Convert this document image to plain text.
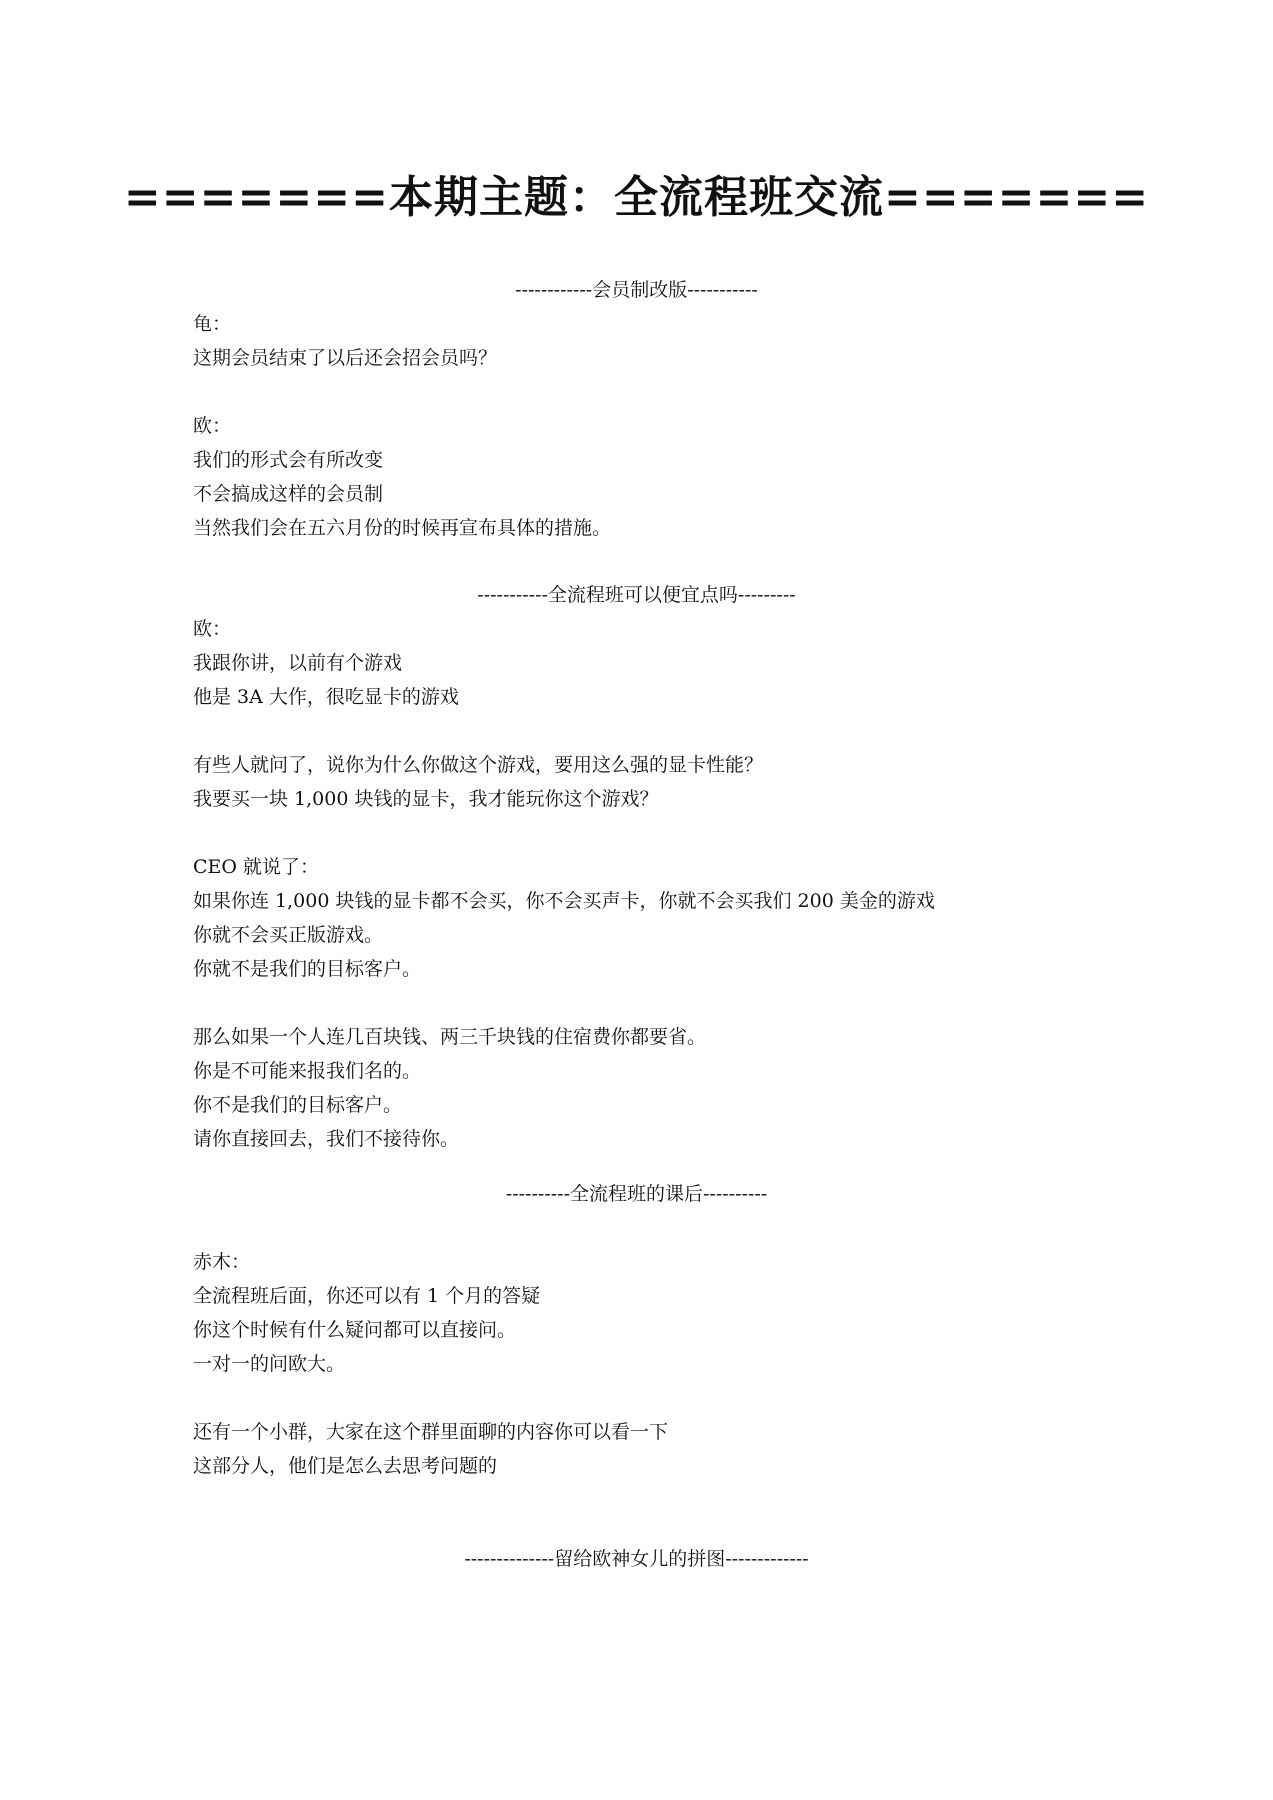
=======本期主题：全流程班交流=======
------------会员制改版-----------
龟：
这期会员结束了以后还会招会员吗？
欧：
我们的形式会有所改变
不会搞成这样的会员制
当然我们会在五六月份的时候再宣布具体的措施。
-----------全流程班可以便宜点吗---------
欧：
我跟你讲，以前有个游戏
他是 3A 大作，很吃显卡的游戏
有些人就问了，说你为什么你做这个游戏，要用这么强的显卡性能？
我要买一块 1,000 块钱的显卡，我才能玩你这个游戏？
CEO 就说了：
如果你连 1,000 块钱的显卡都不会买，你不会买声卡，你就不会买我们 200 美金的游戏
你就不会买正版游戏。
你就不是我们的目标客户。
那么如果一个人连几百块钱、两三千块钱的住宿费你都要省。
你是不可能来报我们名的。
你不是我们的目标客户。
请你直接回去，我们不接待你。
----------全流程班的课后----------
赤木：
全流程班后面，你还可以有 1 个月的答疑
你这个时候有什么疑问都可以直接问。
一对一的问欧大。
还有一个小群，大家在这个群里面聊的内容你可以看一下
这部分人，他们是怎么去思考问题的
--------------留给欧神女儿的拼图-------------
